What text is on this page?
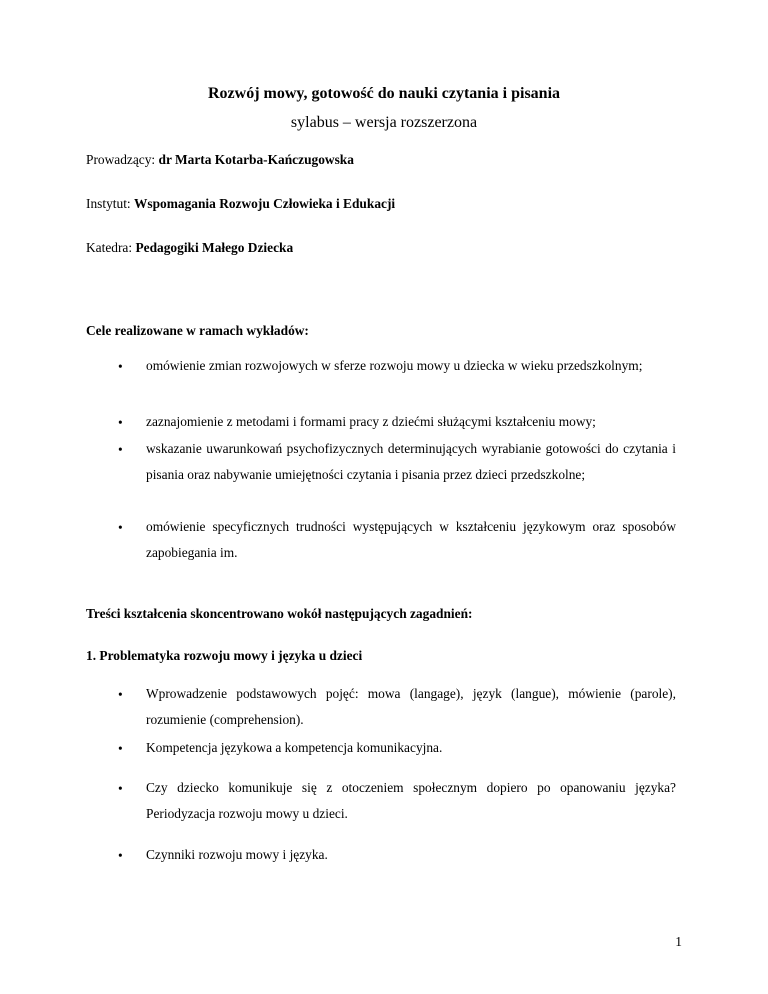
Rozwój mowy, gotowość do nauki czytania i pisania
sylabus – wersja rozszerzona
Prowadzący: dr Marta Kotarba-Kańczugowska
Instytut: Wspomagania Rozwoju Człowieka i Edukacji
Katedra: Pedagogiki Małego Dziecka
Cele realizowane w ramach wykładów:
• omówienie zmian rozwojowych w sferze rozwoju mowy u dziecka w wieku przedszkolnym;
• zaznajomienie z metodami i formami pracy z dziećmi służącymi kształceniu mowy;
• wskazanie uwarunkowań psychofizycznych determinujących wyrabianie gotowości do czytania i pisania oraz nabywanie umiejętności czytania i pisania przez dzieci przedszkolne;
• omówienie specyficznych trudności występujących w kształceniu językowym oraz sposobów zapobiegania im.
Treści kształcenia skoncentrowano wokół następujących zagadnień:
1. Problematyka rozwoju mowy i języka u dzieci
• Wprowadzenie podstawowych pojęć: mowa (langage), język (langue), mówienie (parole), rozumienie (comprehension).
• Kompetencja językowa a kompetencja komunikacyjna.
• Czy dziecko komunikuje się z otoczeniem społecznym dopiero po opanowaniu języka? Periodyzacja rozwoju mowy u dzieci.
• Czynniki rozwoju mowy i języka.
1
